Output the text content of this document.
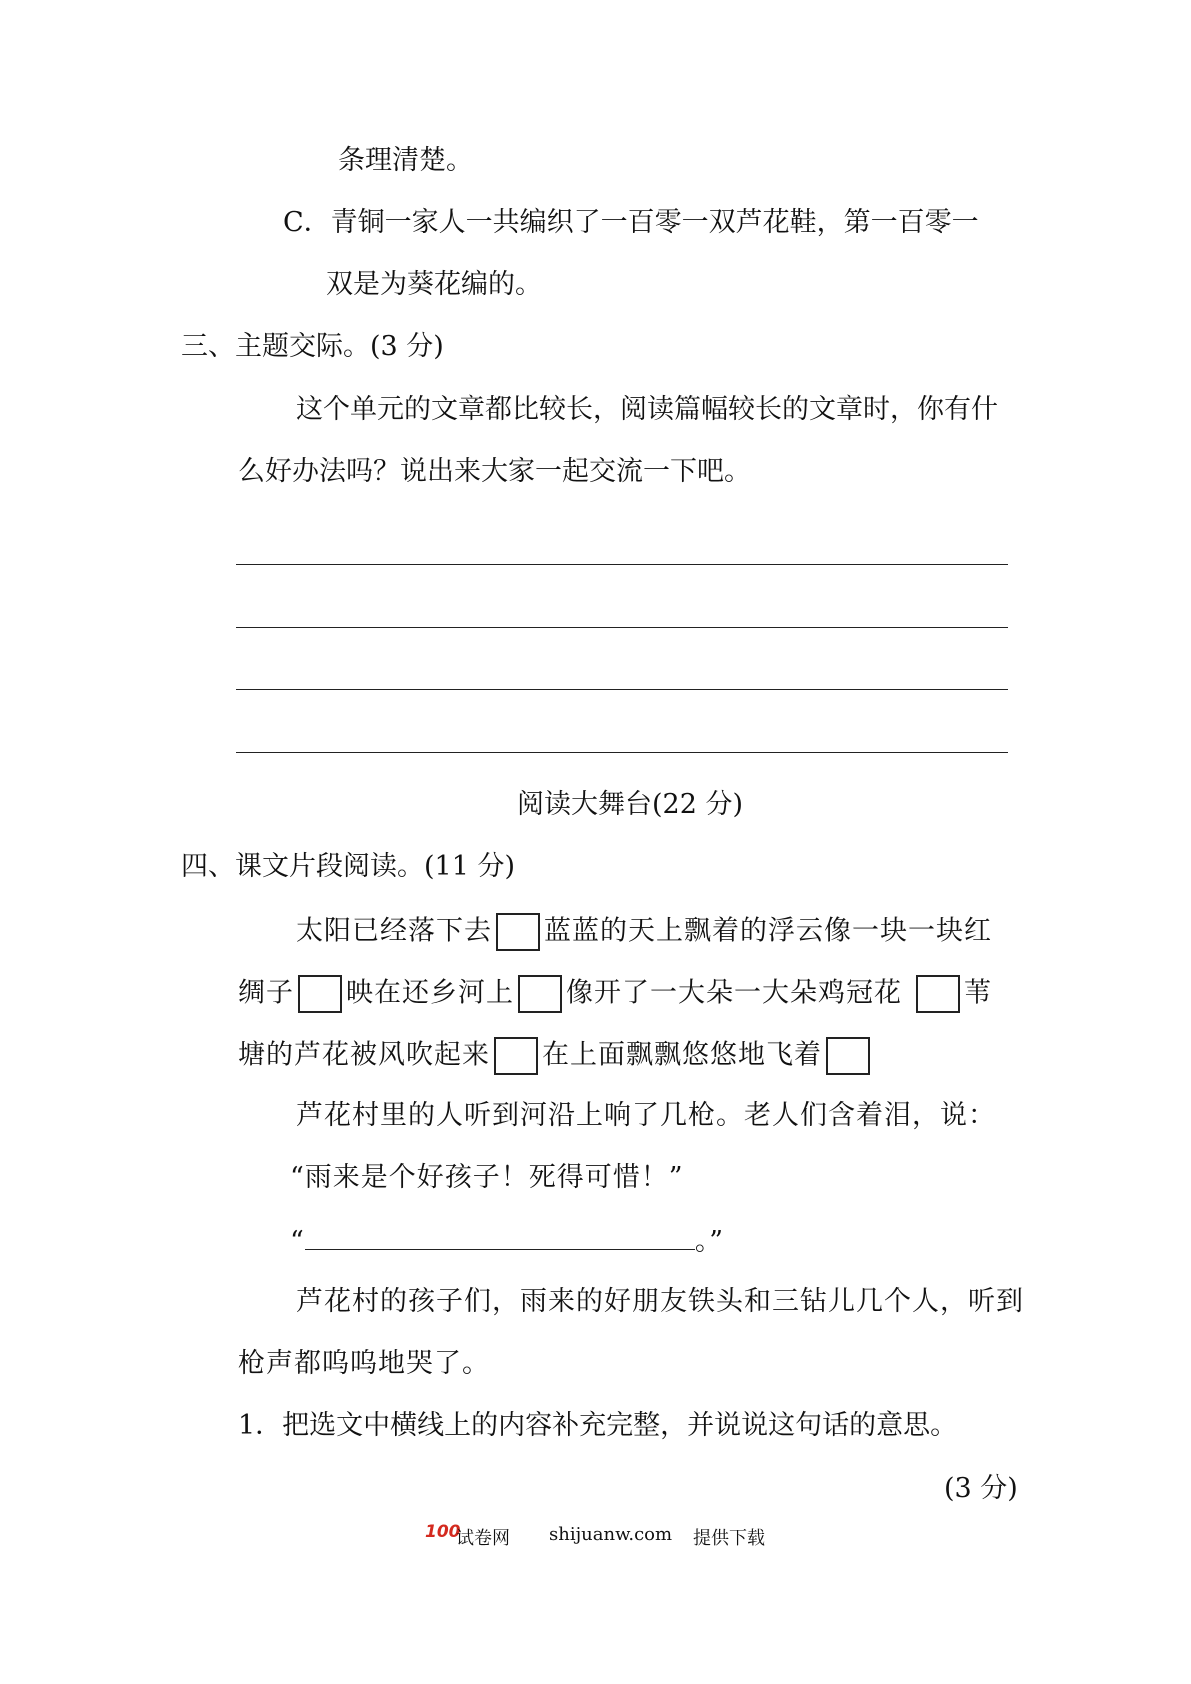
条理清楚。
C．青铜一家人一共编织了一百零一双芦花鞋，第一百零一
双是为葵花编的。
三、主题交际。(3 分)
这个单元的文章都比较长，阅读篇幅较长的文章时，你有什
么好办法吗？说出来大家一起交流一下吧。
阅读大舞台(22 分)
四、课文片段阅读。(11 分)
太阳已经落下去 蓝蓝的天上飘着的浮云像一块一块红
绸子 映在还乡河上 像开了一大朵一大朵鸡冠花 苇
塘的芦花被风吹起来 在上面飘飘悠悠地飞着
芦花村里的人听到河沿上响了几枪。老人们含着泪，说：
“雨来是个好孩子！死得可惜！”
“	。”
芦花村的孩子们，雨来的好朋友铁头和三钻儿几个人，听到
枪声都呜呜地哭了。
1．把选文中横线上的内容补充完整，并说说这句话的意思。
(3 分)
100
试卷网 shijuanw.com 提供下载
